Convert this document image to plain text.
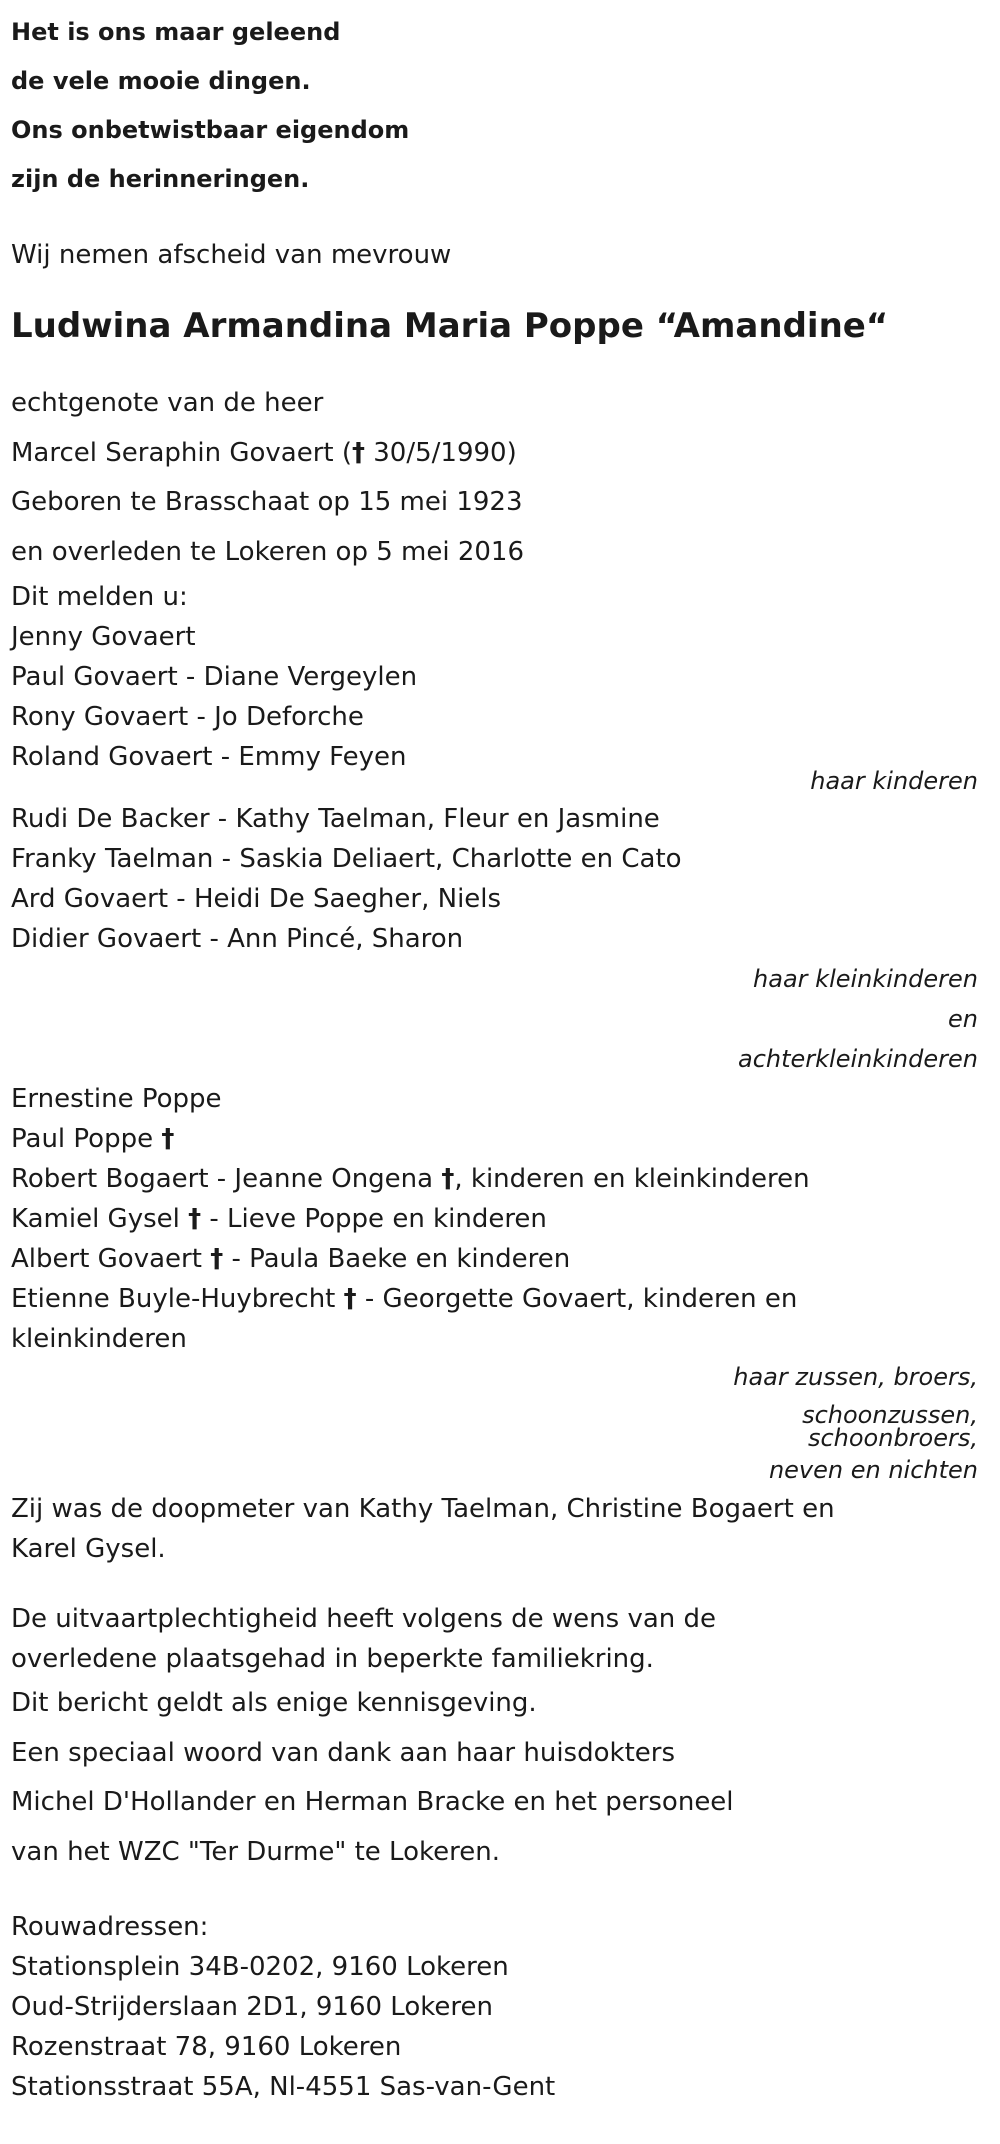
Het is ons maar geleend
de vele mooie dingen.
Ons onbetwistbaar eigendom
zijn de herinneringen.
Wij nemen afscheid van mevrouw
Ludwina Armandina Maria Poppe “Amandine“
echtgenote van de heer
Marcel Seraphin Govaert († 30/5/1990)
Geboren te Brasschaat op 15 mei 1923
en overleden te Lokeren op 5 mei 2016
Dit melden u:
Jenny Govaert
Paul Govaert - Diane Vergeylen
Rony Govaert - Jo Deforche
Roland Govaert - Emmy Feyen
haar kinderen
Rudi De Backer - Kathy Taelman, Fleur en Jasmine
Franky Taelman - Saskia Deliaert, Charlotte en Cato
Ard Govaert - Heidi De Saegher, Niels
Didier Govaert - Ann Pincé, Sharon
haar kleinkinderen
en
achterkleinkinderen
Ernestine Poppe
Paul Poppe †
Robert Bogaert - Jeanne Ongena †, kinderen en kleinkinderen
Kamiel Gysel † - Lieve Poppe en kinderen
Albert Govaert † - Paula Baeke en kinderen
Etienne Buyle-Huybrecht † - Georgette Govaert, kinderen en kleinkinderen
haar zussen, broers,
schoonzussen,
schoonbroers,
neven en nichten
Zij was de doopmeter van Kathy Taelman, Christine Bogaert en Karel Gysel.
De uitvaartplechtigheid heeft volgens de wens van de overledene plaatsgehad in beperkte familiekring.
Dit bericht geldt als enige kennisgeving.
Een speciaal woord van dank aan haar huisdokters
Michel D'Hollander en Herman Bracke en het personeel
van het WZC "Ter Durme" te Lokeren.
Rouwadressen:
Stationsplein 34B-0202, 9160 Lokeren
Oud-Strijderslaan 2D1, 9160 Lokeren
Rozenstraat 78, 9160 Lokeren
Stationsstraat 55A, Nl-4551 Sas-van-Gent
